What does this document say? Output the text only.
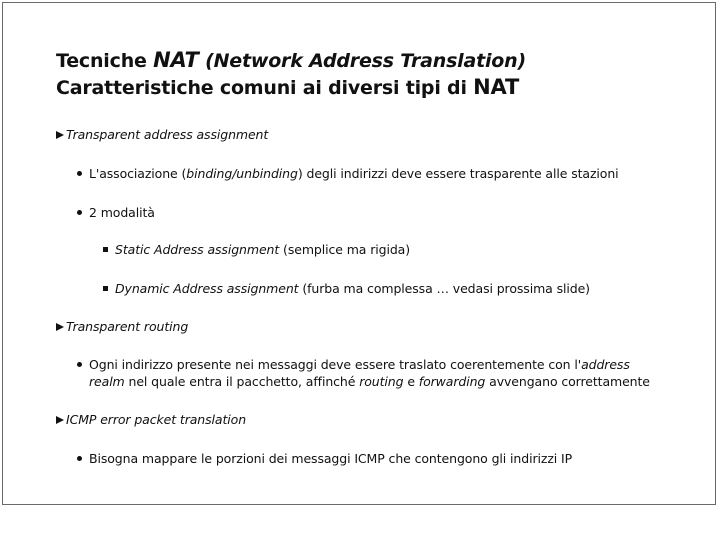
Tecniche NAT (Network Address Translation)
Caratteristiche comuni ai diversi tipi di NAT
Transparent address assignment
L'associazione (binding/unbinding) degli indirizzi deve essere trasparente alle stazioni
2 modalità
Static Address assignment (semplice ma rigida)
Dynamic Address assignment (furba ma complessa … vedasi prossima slide)
Transparent routing
Ogni indirizzo presente nei messaggi deve essere traslato coerentemente con l'address
realm nel quale entra il pacchetto, affinché routing e forwarding avvengano correttamente
ICMP error packet translation
Bisogna mappare le porzioni dei messaggi ICMP che contengono gli indirizzi IP
